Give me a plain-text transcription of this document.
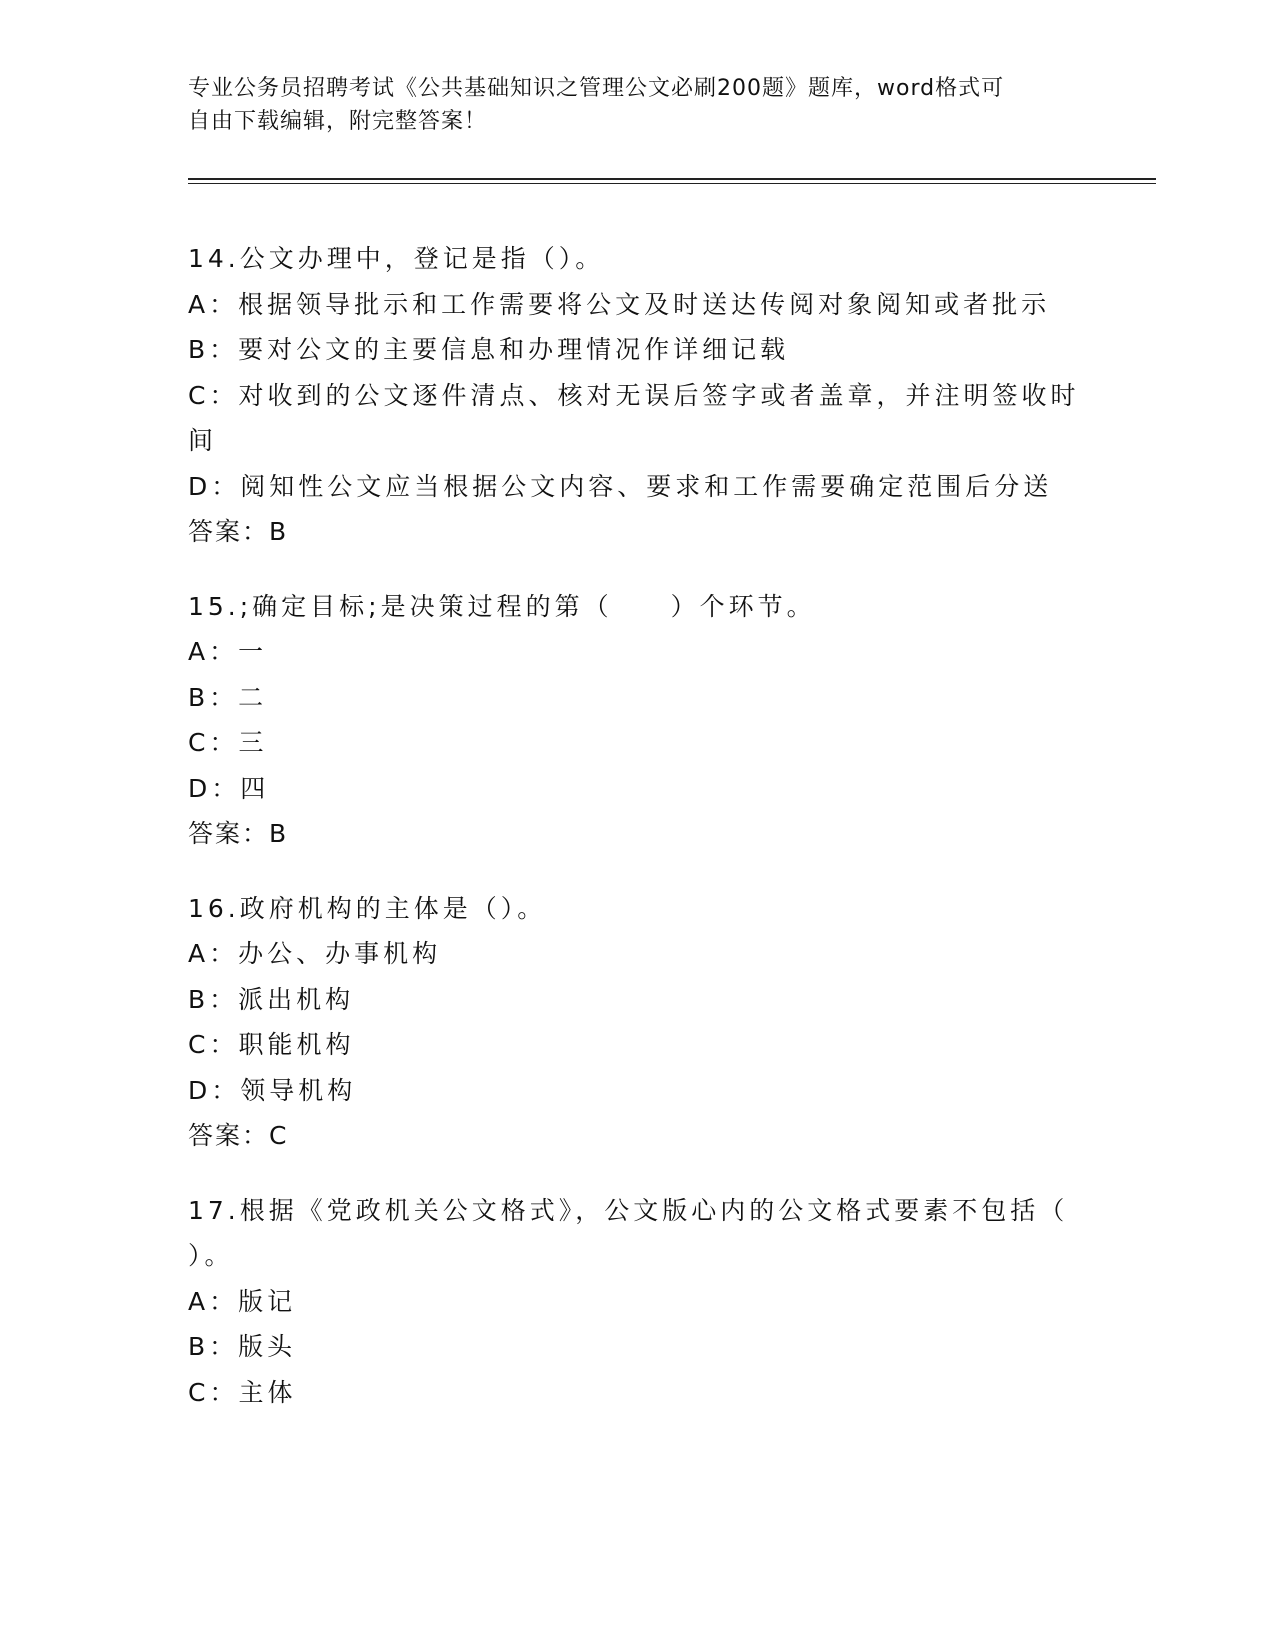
专业公务员招聘考试《公共基础知识之管理公文必刷200题》题库，word格式可
自由下载编辑，附完整答案！
14.公文办理中，登记是指（）。
A：根据领导批示和工作需要将公文及时送达传阅对象阅知或者批示
B：要对公文的主要信息和办理情况作详细记载
C：对收到的公文逐件清点、核对无误后签字或者盖章，并注明签收时
间
D：阅知性公文应当根据公文内容、要求和工作需要确定范围后分送
答案：B
15.;确定目标;是决策过程的第（　　）个环节。
A：一
B：二
C：三
D：四
答案：B
16.政府机构的主体是（）。
A：办公、办事机构
B：派出机构
C：职能机构
D：领导机构
答案：C
17.根据《党政机关公文格式》，公文版心内的公文格式要素不包括（
）。
A：版记
B：版头
C：主体
